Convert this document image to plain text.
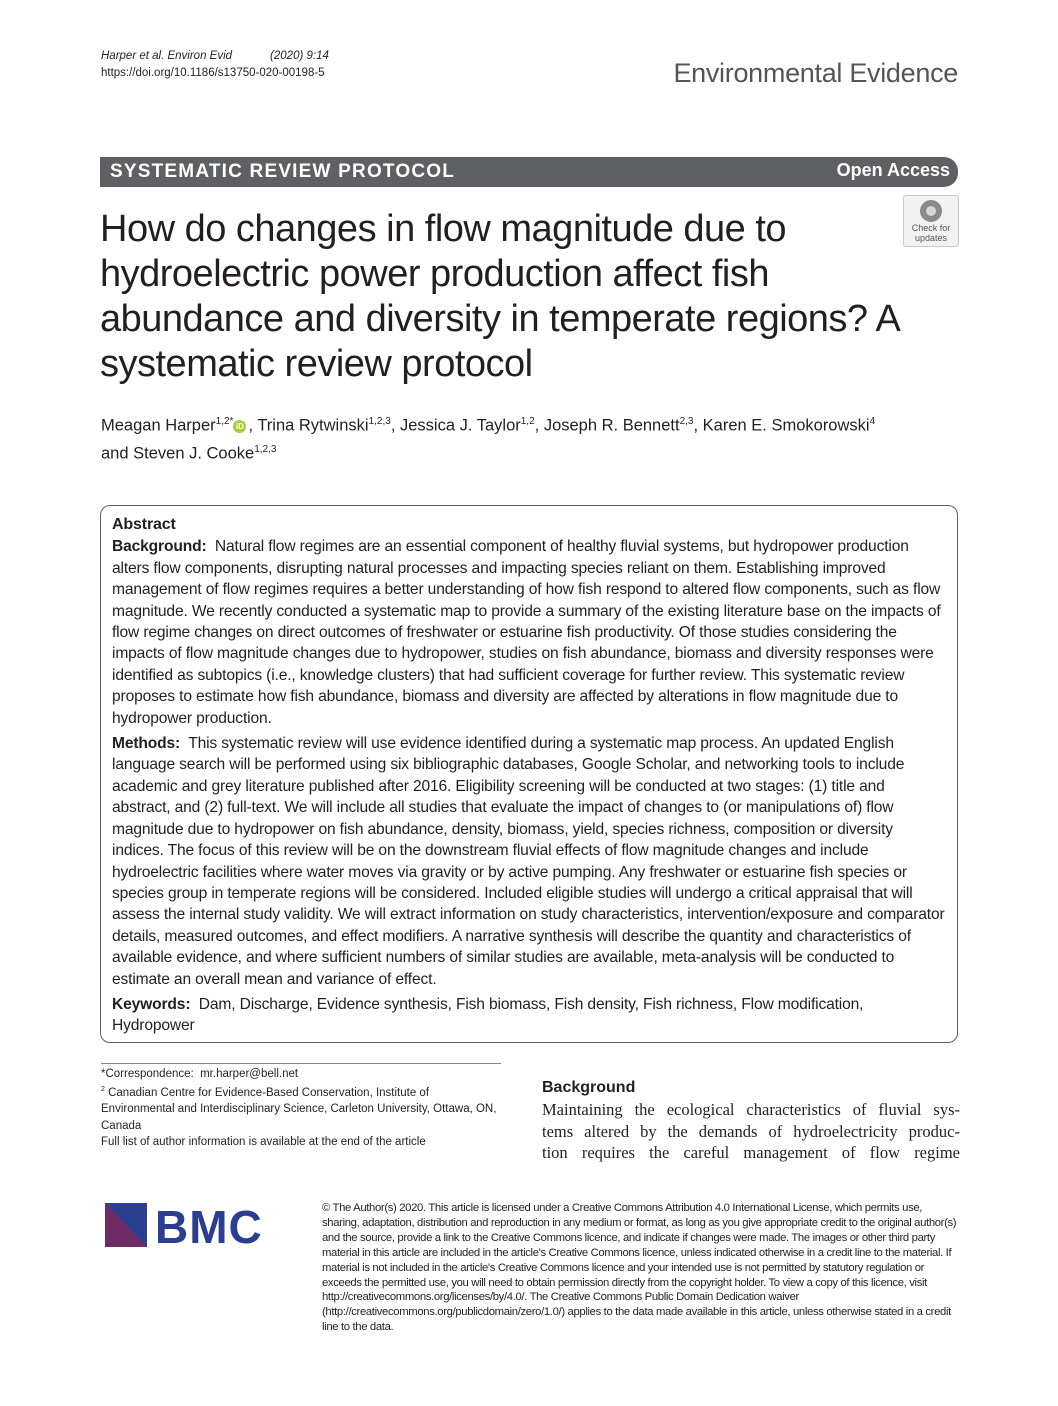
Harper et al. Environ Evid	(2020) 9:14
https://doi.org/10.1186/s13750-020-00198-5	Environmental Evidence
SYSTEMATIC REVIEW PROTOCOL	Open Access
How do changes in flow magnitude due to hydroelectric power production affect fish abundance and diversity in temperate regions? A systematic review protocol
Check for
updates
Meagan Harper$^{1,2*}$ iD , Trina Rytwinski$^{1,2,3}$, Jessica J. Taylor$^{1,2}$, Joseph R. Bennett$^{2,3}$, Karen E. Smokorowski$^4$
and Steven J. Cooke$^{1,2,3}$
Abstract

Background: Natural flow regimes are an essential component of healthy fluvial systems, but hydropower production alters flow components, disrupting natural processes and impacting species reliant on them. Establishing improved management of flow regimes requires a better understanding of how fish respond to altered flow components, such as flow magnitude. We recently conducted a systematic map to provide a summary of the existing literature base on the impacts of flow regime changes on direct outcomes of freshwater or estuarine fish productivity. Of those studies considering the impacts of flow magnitude changes due to hydropower, studies on fish abundance, biomass and diversity responses were identified as subtopics (i.e., knowledge clusters) that had sufficient coverage for further review. This systematic review proposes to estimate how fish abundance, biomass and diversity are affected by alterations in flow magnitude due to hydropower production.

Methods: This systematic review will use evidence identified during a systematic map process. An updated English language search will be performed using six bibliographic databases, Google Scholar, and networking tools to include academic and grey literature published after 2016. Eligibility screening will be conducted at two stages: (1) title and abstract, and (2) full-text. We will include all studies that evaluate the impact of changes to (or manipulations of) flow magnitude due to hydropower on fish abundance, density, biomass, yield, species richness, composition or diversity indices. The focus of this review will be on the downstream fluvial effects of flow magnitude changes and include hydroelectric facilities where water moves via gravity or by active pumping. Any freshwater or estuarine fish species or species group in temperate regions will be considered. Included eligible studies will undergo a critical appraisal that will assess the internal study validity. We will extract information on study characteristics, intervention/exposure and comparator details, measured outcomes, and effect modifiers. A narrative synthesis will describe the quantity and characteristics of available evidence, and where sufficient numbers of similar studies are available, meta-analysis will be conducted to estimate an overall mean and variance of effect.

Keywords: Dam, Discharge, Evidence synthesis, Fish biomass, Fish density, Fish richness, Flow modification, Hydropower

*Correspondence: mr.harper@bell.net
$^2$ Canadian Centre for Evidence-Based Conservation, Institute of Environmental and Interdisciplinary Science, Carleton University, Ottawa, ON, Canada
Full list of author information is available at the end of the article
Background
Maintaining the ecological characteristics of fluvial sys-
tems altered by the demands of hydroelectricity produc-
tion requires the careful management of flow regime
BMC	© The Author(s) 2020. This article is licensed under a Creative Commons Attribution 4.0 International License, which permits use, sharing, adaptation, distribution and reproduction in any medium or format, as long as you give appropriate credit to the original author(s) and the source, provide a link to the Creative Commons licence, and indicate if changes were made. The images or other third party material in this article are included in the article's Creative Commons licence, unless indicated otherwise in a credit line to the material. If material is not included in the article's Creative Commons licence and your intended use is not permitted by statutory regulation or exceeds the permitted use, you will need to obtain permission directly from the copyright holder. To view a copy of this licence, visit http://creativecommons.org/licenses/by/4.0/. The Creative Commons Public Domain Dedication waiver (http://creativecommons.org/publicdomain/zero/1.0/) applies to the data made available in this article, unless otherwise stated in a credit line to the data.
